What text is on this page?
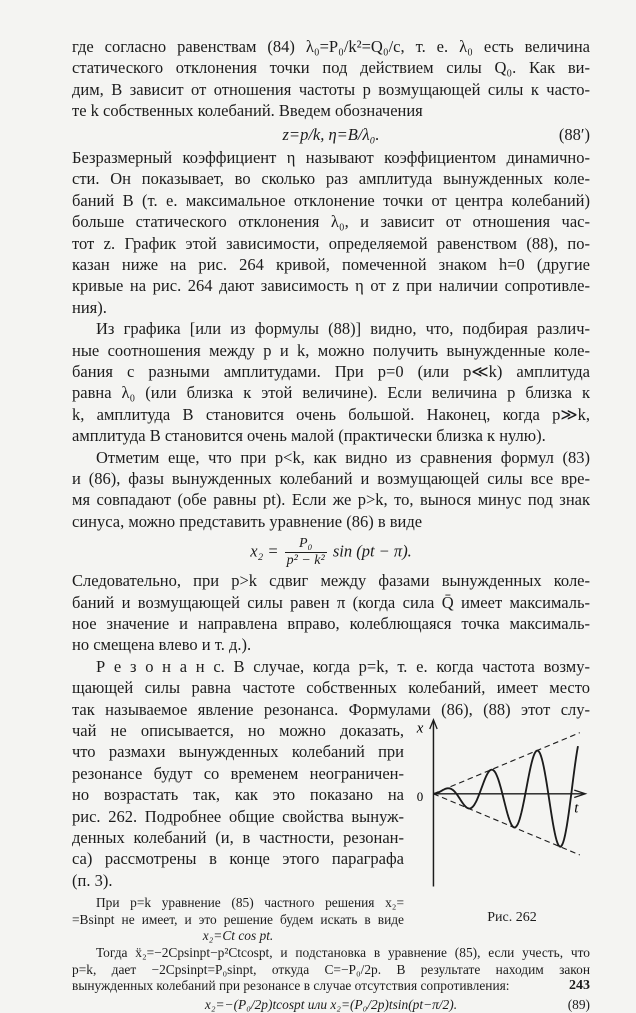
x
t
0
Рис. 262
243
где согласно равенствам (84) λ₀=P₀/k²=Q₀/c, т. е. λ₀ есть величина
статического отклонения точки под действием силы Q₀. Как ви-
дим, B зависит от отношения частоты p возмущающей силы к часто-
те k собственных колебаний. Введем обозначения
z=p/k, η=B/λ₀.	(88′)
Безразмерный коэффициент η называют коэффициентом динамично-
сти. Он показывает, во сколько раз амплитуда вынужденных коле-
баний B (т. е. максимальное отклонение точки от центра колебаний)
больше статического отклонения λ₀, и зависит от отношения час-
тот z. График этой зависимости, определяемой равенством (88), по-
казан ниже на рис. 264 кривой, помеченной знаком h=0 (другие
кривые на рис. 264 дают зависимость η от z при наличии сопротивле-
ния).
Из графика [или из формулы (88)] видно, что, подбирая различ-
ные соотношения между p и k, можно получить вынужденные коле-
бания с разными амплитудами. При p=0 (или p≪k) амплитуда
равна λ₀ (или близка к этой величине). Если величина p близка к
k, амплитуда B становится очень большой. Наконец, когда p≫k,
амплитуда B становится очень малой (практически близка к нулю).
Отметим еще, что при p<k, как видно из сравнения формул (83)
и (86), фазы вынужденных колебаний и возмущающей силы все вре-
мя совпадают (обе равны pt). Если же p>k, то, вынося минус под знак
синуса, можно представить уравнение (86) в виде
$x_2 = \frac{\text{P₀}}{\text{p² − k²}}$ sin (pt − π).
Следовательно, при p>k сдвиг между фазами вынужденных коле-
баний и возмущающей силы равен π (когда сила Q̄ имеет максималь-
ное значение и направлена вправо, колеблющаяся точка максималь-
но смещена влево и т. д.).
Р е з о н а н с. В случае, когда p=k, т. е. когда частота возму-
щающей силы равна частоте собственных колебаний, имеет место
так называемое явление резонанса. Формулами (86), (88) этот слу-
чай не описывается, но можно доказать,
что размахи вынужденных колебаний при
резонансе будут со временем неограничен-
но возрастать так, как это показано на
рис. 262. Подробнее общие свойства вынуж-
денных колебаний (и, в частности, резонан-
са) рассмотрены в конце этого параграфа
(п. 3).
При p=k уравнение (85) частного решения x₂=
=Bsinpt не имеет, и это решение будем искать в виде
x₂=Ct cos pt.
Тогда ẍ₂=−2Cpsinpt−p²Ctcospt, и подстановка в уравнение (85), если учесть, что
p=k, дает −2Cpsinpt=P₀sinpt, откуда C=−P₀/2p. В результате находим закон
вынужденных колебаний при резонансе в случае отсутствия сопротивления:
x₂=−(P₀/2p)tcospt или x₂=(P₀/2p)tsin(pt−π/2).	(89)
